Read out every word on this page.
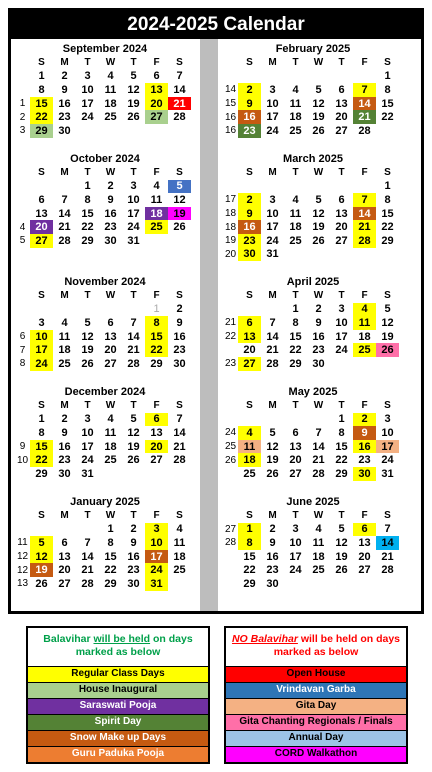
2024-2025 Calendar
September 2024
	S	M	T	W	T	F	S
	1	2	3	4	5	6	7
	8	9	10	11	12	13	14
1	15	16	17	18	19	20	21
2	22	23	24	25	26	27	28
3	29	30					
October 2024
	S	M	T	W	T	F	S
			1	2	3	4	5
	6	7	8	9	10	11	12
	13	14	15	16	17	18	19
4	20	21	22	23	24	25	26
5	27	28	29	30	31		
November 2024
	S	M	T	W	T	F	S
						1	2
	3	4	5	6	7	8	9
6	10	11	12	13	14	15	16
7	17	18	19	20	21	22	23
8	24	25	26	27	28	29	30
December 2024
	S	M	T	W	T	F	S
	1	2	3	4	5	6	7
	8	9	10	11	12	13	14
9	15	16	17	18	19	20	21
10	22	23	24	25	26	27	28
	29	30	31				
January 2025
	S	M	T	W	T	F	S
				1	2	3	4
11	5	6	7	8	9	10	11
12	12	13	14	15	16	17	18
12	19	20	21	22	23	24	25
13	26	27	28	29	30	31	
February 2025
	S	M	T	W	T	F	S
							1
14	2	3	4	5	6	7	8
15	9	10	11	12	13	14	15
16	16	17	18	19	20	21	22
16	23	24	25	26	27	28	
March 2025
	S	M	T	W	T	F	S
							1
17	2	3	4	5	6	7	8
18	9	10	11	12	13	14	15
18	16	17	18	19	20	21	22
19	23	24	25	26	27	28	29
20	30	31					
April 2025
	S	M	T	W	T	F	S
			1	2	3	4	5
21	6	7	8	9	10	11	12
22	13	14	15	16	17	18	19
	20	21	22	23	24	25	26
23	27	28	29	30			
May 2025
	S	M	T	W	T	F	S
					1	2	3
24	4	5	6	7	8	9	10
25	11	12	13	14	15	16	17
26	18	19	20	21	22	23	24
	25	26	27	28	29	30	31
June 2025
	S	M	T	W	T	F	S
27	1	2	3	4	5	6	7
28	8	9	10	11	12	13	14
	15	16	17	18	19	20	21
	22	23	24	25	26	27	28
	29	30					
Balavihar will be held on days marked as below
Regular Class Days
House Inaugural
Saraswati Pooja
Spirit Day
Snow Make up Days
Guru Paduka Pooja
NO Balavihar will be held on days marked as below
Open House
Vrindavan Garba
Gita Day
Gita Chanting Regionals / Finals
Annual Day
CORD Walkathon
